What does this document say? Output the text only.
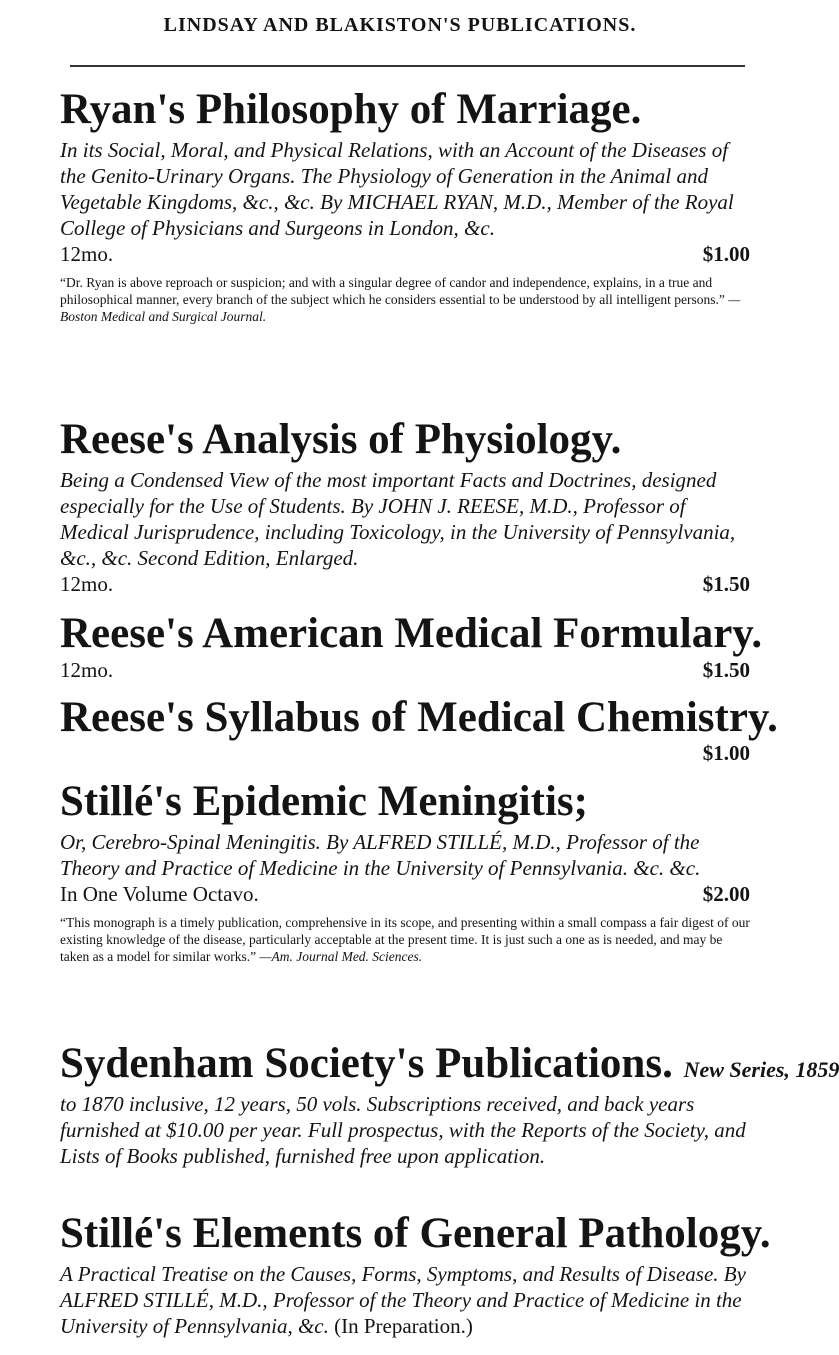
LINDSAY AND BLAKISTON'S PUBLICATIONS.
Ryan's Philosophy of Marriage.

In its Social, Moral, and Physical Relations, with an Account of the Diseases of the Genito-Urinary Organs. The Physiology of Generation in the Animal and Vegetable Kingdoms, &c., &c. By MICHAEL RYAN, M.D., Member of the Royal College of Physicians and Surgeons in London, &c.

12mo.	$1.00

“Dr. Ryan is above reproach or suspicion; and with a singular degree of candor and independence, explains, in a true and philosophical manner, every branch of the subject which he considers essential to be understood by all intelligent persons.” —Boston Medical and Surgical Journal.

Reese's Analysis of Physiology.

Being a Condensed View of the most important Facts and Doctrines, designed especially for the Use of Students. By JOHN J. REESE, M.D., Professor of Medical Jurisprudence, including Toxicology, in the University of Pennsylvania, &c., &c. Second Edition, Enlarged.

12mo.	$1.50

Reese's American Medical Formulary.

12mo.	$1.50

Reese's Syllabus of Medical Chemistry.

$1.00

Stillé's Epidemic Meningitis;

Or, Cerebro-Spinal Meningitis. By ALFRED STILLÉ, M.D., Professor of the Theory and Practice of Medicine in the University of Pennsylvania. &c. &c.

In One Volume Octavo.	$2.00

“This monograph is a timely publication, comprehensive in its scope, and presenting within a small compass a fair digest of our existing knowledge of the disease, particularly acceptable at the present time. It is just such a one as is needed, and may be taken as a model for similar works.” —Am. Journal Med. Sciences.

Sydenham Society's Publications. New Series, 1859

to 1870 inclusive, 12 years, 50 vols. Subscriptions received, and back years furnished at $10.00 per year. Full prospectus, with the Reports of the Society, and Lists of Books published, furnished free upon application.

Stillé's Elements of General Pathology.

A Practical Treatise on the Causes, Forms, Symptoms, and Results of Disease. By ALFRED STILLÉ, M.D., Professor of the Theory and Practice of Medicine in the University of Pennsylvania, &c. (In Preparation.)
